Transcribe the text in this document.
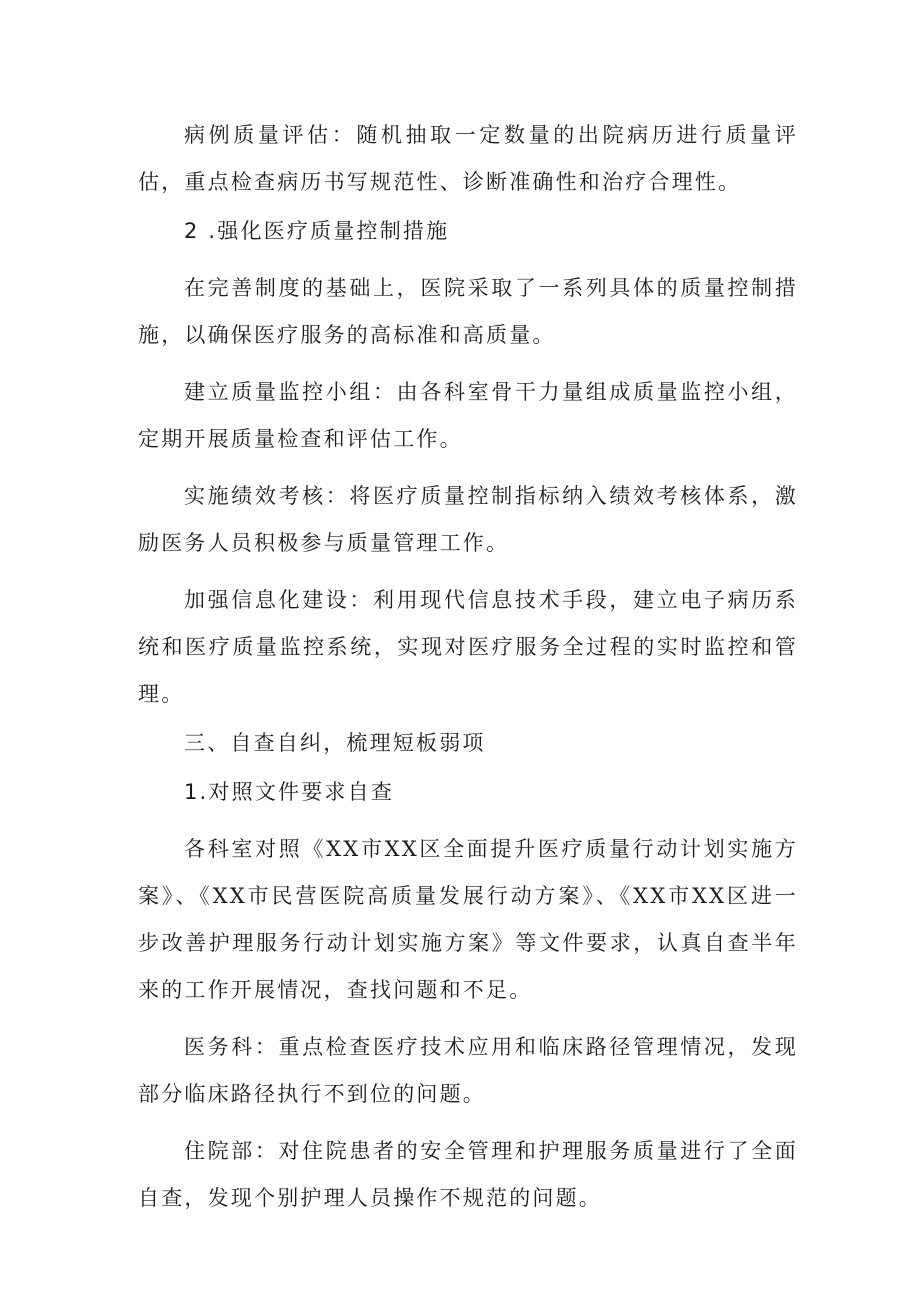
病例质量评估：随机抽取一定数量的出院病历进行质量评估，重点检查病历书写规范性、诊断准确性和治疗合理性。

2 .强化医疗质量控制措施

在完善制度的基础上，医院采取了一系列具体的质量控制措施，以确保医疗服务的高标准和高质量。

建立质量监控小组：由各科室骨干力量组成质量监控小组，定期开展质量检查和评估工作。

实施绩效考核：将医疗质量控制指标纳入绩效考核体系，激励医务人员积极参与质量管理工作。

加强信息化建设：利用现代信息技术手段，建立电子病历系统和医疗质量监控系统，实现对医疗服务全过程的实时监控和管理。

三、自查自纠，梳理短板弱项

1.对照文件要求自查

各科室对照《XX市XX区全面提升医疗质量行动计划实施方案》、《XX市民营医院高质量发展行动方案》、《XX市XX区进一步改善护理服务行动计划实施方案》等文件要求，认真自查半年来的工作开展情况，查找问题和不足。

医务科：重点检查医疗技术应用和临床路径管理情况，发现部分临床路径执行不到位的问题。

住院部：对住院患者的安全管理和护理服务质量进行了全面自查，发现个别护理人员操作不规范的问题。
